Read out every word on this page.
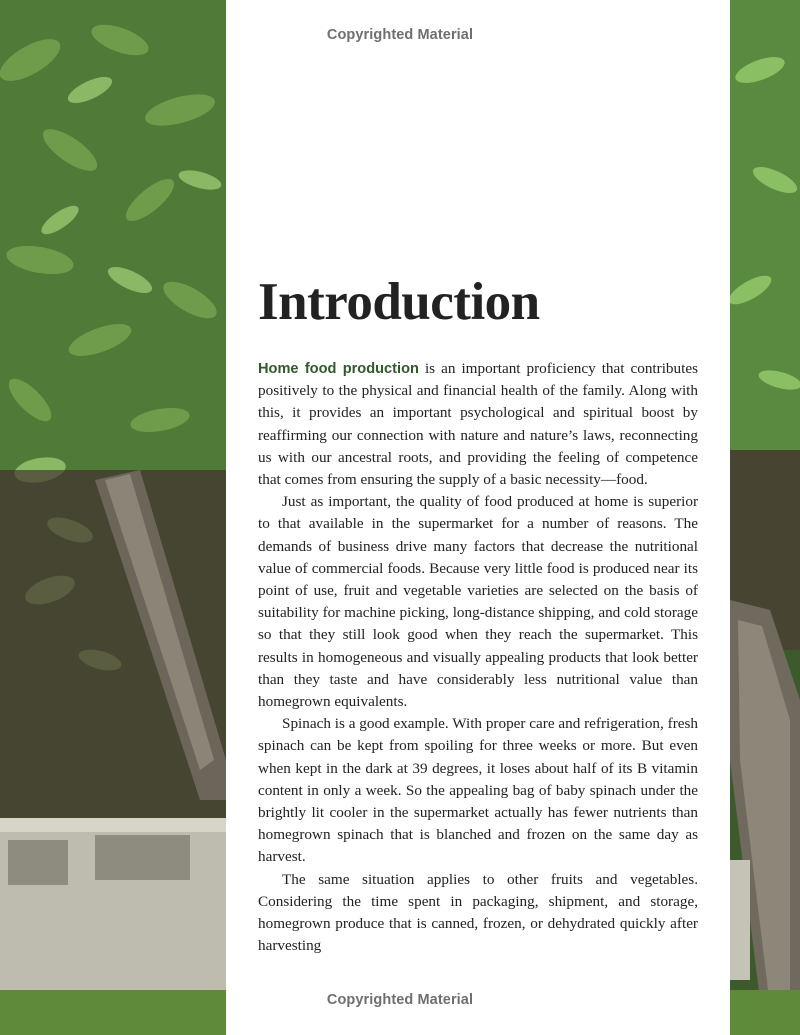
Copyrighted Material
Introduction

Home food production is an important proficiency that contributes positively to the physical and financial health of the family. Along with this, it provides an important psychological and spiritual boost by reaffirming our connection with nature and nature’s laws, reconnecting us with our ancestral roots, and providing the feeling of competence that comes from ensuring the supply of a basic necessity—food.

Just as important, the quality of food produced at home is superior to that available in the supermarket for a number of reasons. The demands of business drive many factors that decrease the nutritional value of commercial foods. Because very little food is produced near its point of use, fruit and vegetable varieties are selected on the basis of suitability for machine picking, long-distance shipping, and cold storage so that they still look good when they reach the supermarket. This results in homogeneous and visually appealing products that look better than they taste and have considerably less nutritional value than homegrown equivalents.

Spinach is a good example. With proper care and refrigeration, fresh spinach can be kept from spoiling for three weeks or more. But even when kept in the dark at 39 degrees, it loses about half of its B vitamin content in only a week. So the appealing bag of baby spinach under the brightly lit cooler in the supermarket actually has fewer nutrients than homegrown spinach that is blanched and frozen on the same day as harvest.

The same situation applies to other fruits and vegetables. Considering the time spent in packaging, shipment, and storage, homegrown produce that is canned, frozen, or dehydrated quickly after harvesting

Copyrighted Material
